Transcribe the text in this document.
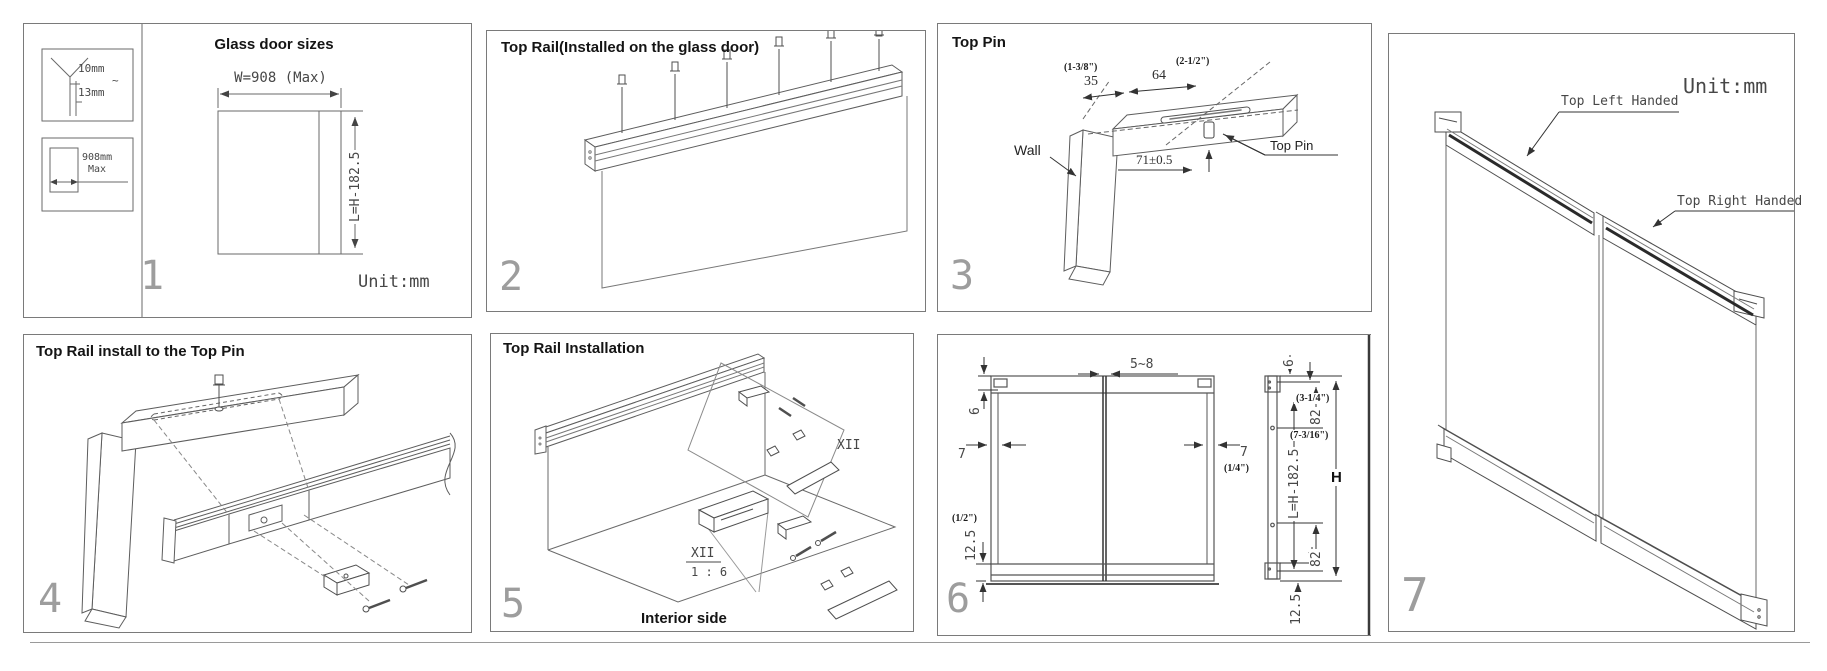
Glass door sizes
10mm
~
13mm
908mm
Max
W=908 (Max)
L=H-182.5
1	Unit:mm
Top Rail(Installed on the glass door)
2
Top Pin
Wall
(1-3/8")
35	64
(2-1/2")
71±0.5
Top Pin
3
Top Rail install to the Top Pin
4
Top Rail Installation
XII
XII
1 : 6
Interior side
5
5~8
6
7	7
(1/4")
(1/2")
12.5
6
(3-1/4")
82
(7-3/16")
L=H-182.5 H
82
12.5
6
Unit:mm
Top Left Handed
Top Right Handed
7
